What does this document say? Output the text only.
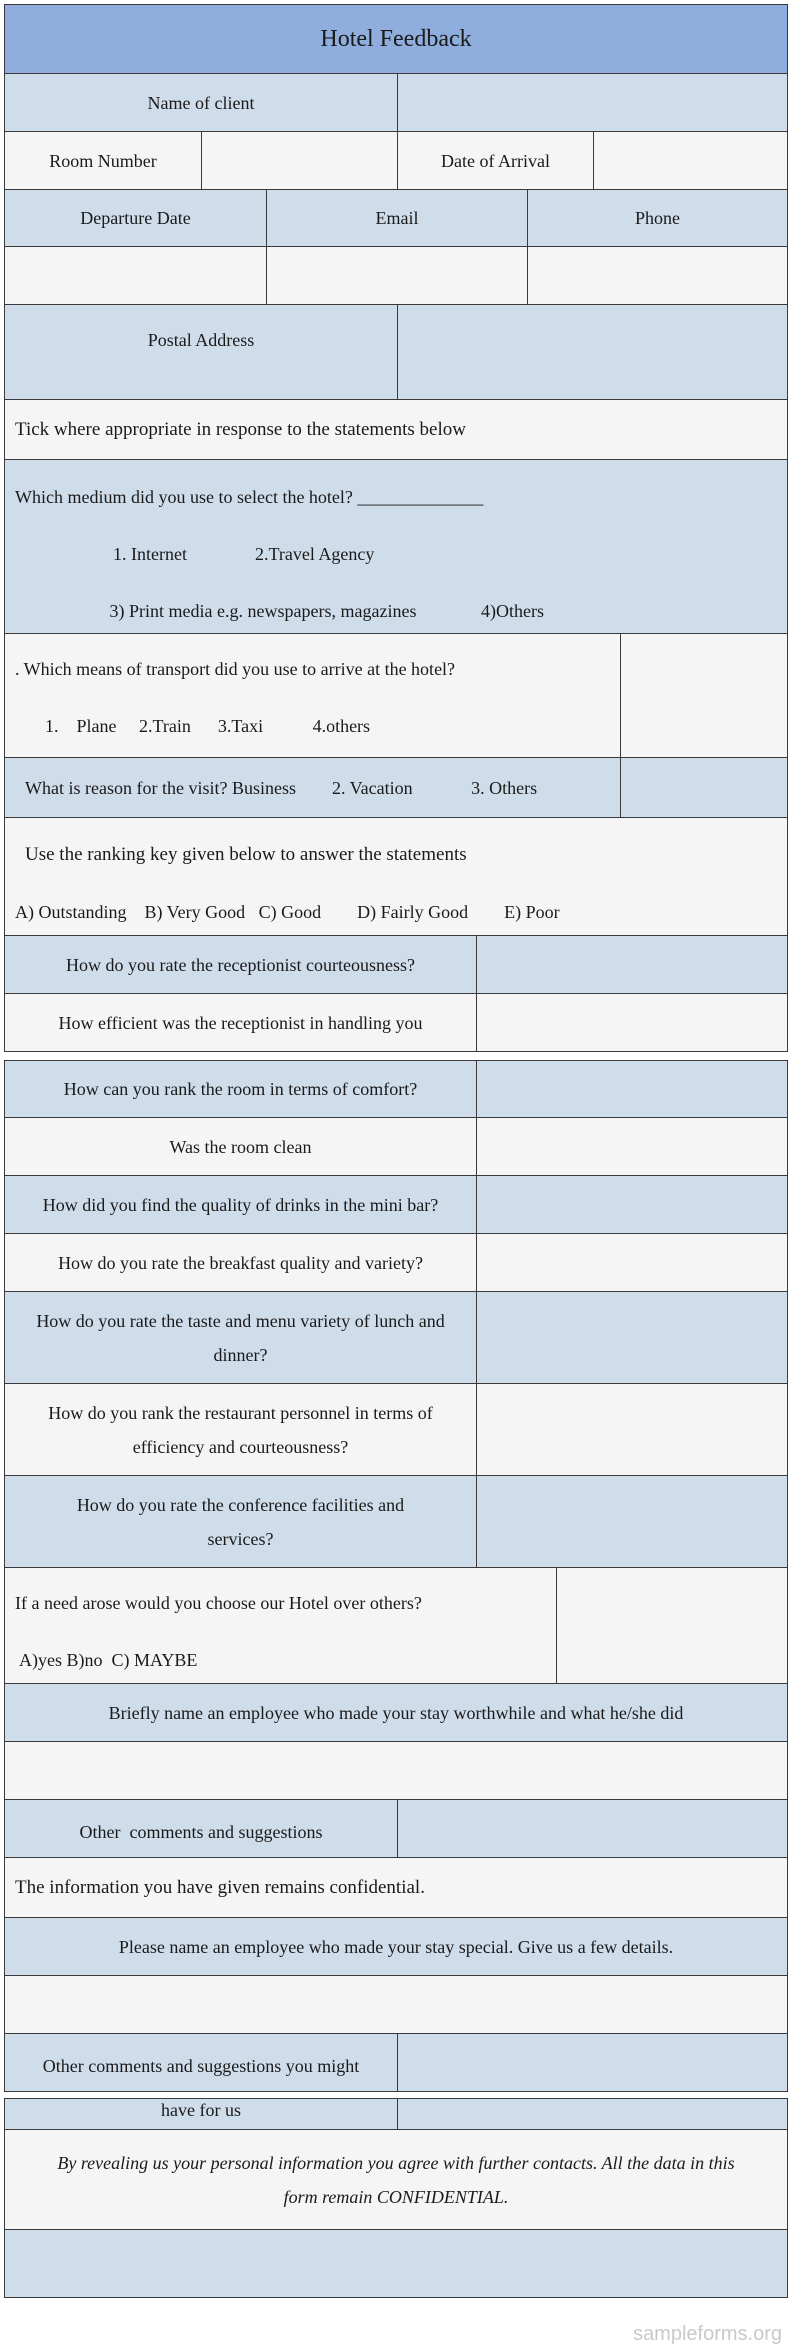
Hotel Feedback
Name of client
Room Number	Date of Arrival
Departure Date	Email	Phone
Postal Address
Tick where appropriate in response to the statements below
Which medium did you use to select the hotel? ______________
1. Internet	2.Travel Agency
3) Print media e.g. newspapers, magazines	4)Others
. Which means of transport did you use to arrive at the hotel?
1.    Plane     2.Train      3.Taxi           4.others
What is reason for the visit? Business        2. Vacation             3. Others
Use the ranking key given below to answer the statements
A) Outstanding    B) Very Good   C) Good        D) Fairly Good        E) Poor
How do you rate the receptionist courteousness?
How efficient was the receptionist in handling you
How can you rank the room in terms of comfort?
Was the room clean
How did you find the quality of drinks in the mini bar?
How do you rate the breakfast quality and variety?
How do you rate the taste and menu variety of lunch and
dinner?
How do you rank the restaurant personnel in terms of
efficiency and courteousness?
How do you rate the conference facilities and
services?
If a need arose would you choose our Hotel over others?
A)yes B)no  C) MAYBE
Briefly name an employee who made your stay worthwhile and what he/she did
Other  comments and suggestions
The information you have given remains confidential.
Please name an employee who made your stay special. Give us a few details.
Other comments and suggestions you might
have for us
By revealing us your personal information you agree with further contacts. All the data in this
form remain CONFIDENTIAL.
sampleforms.org
